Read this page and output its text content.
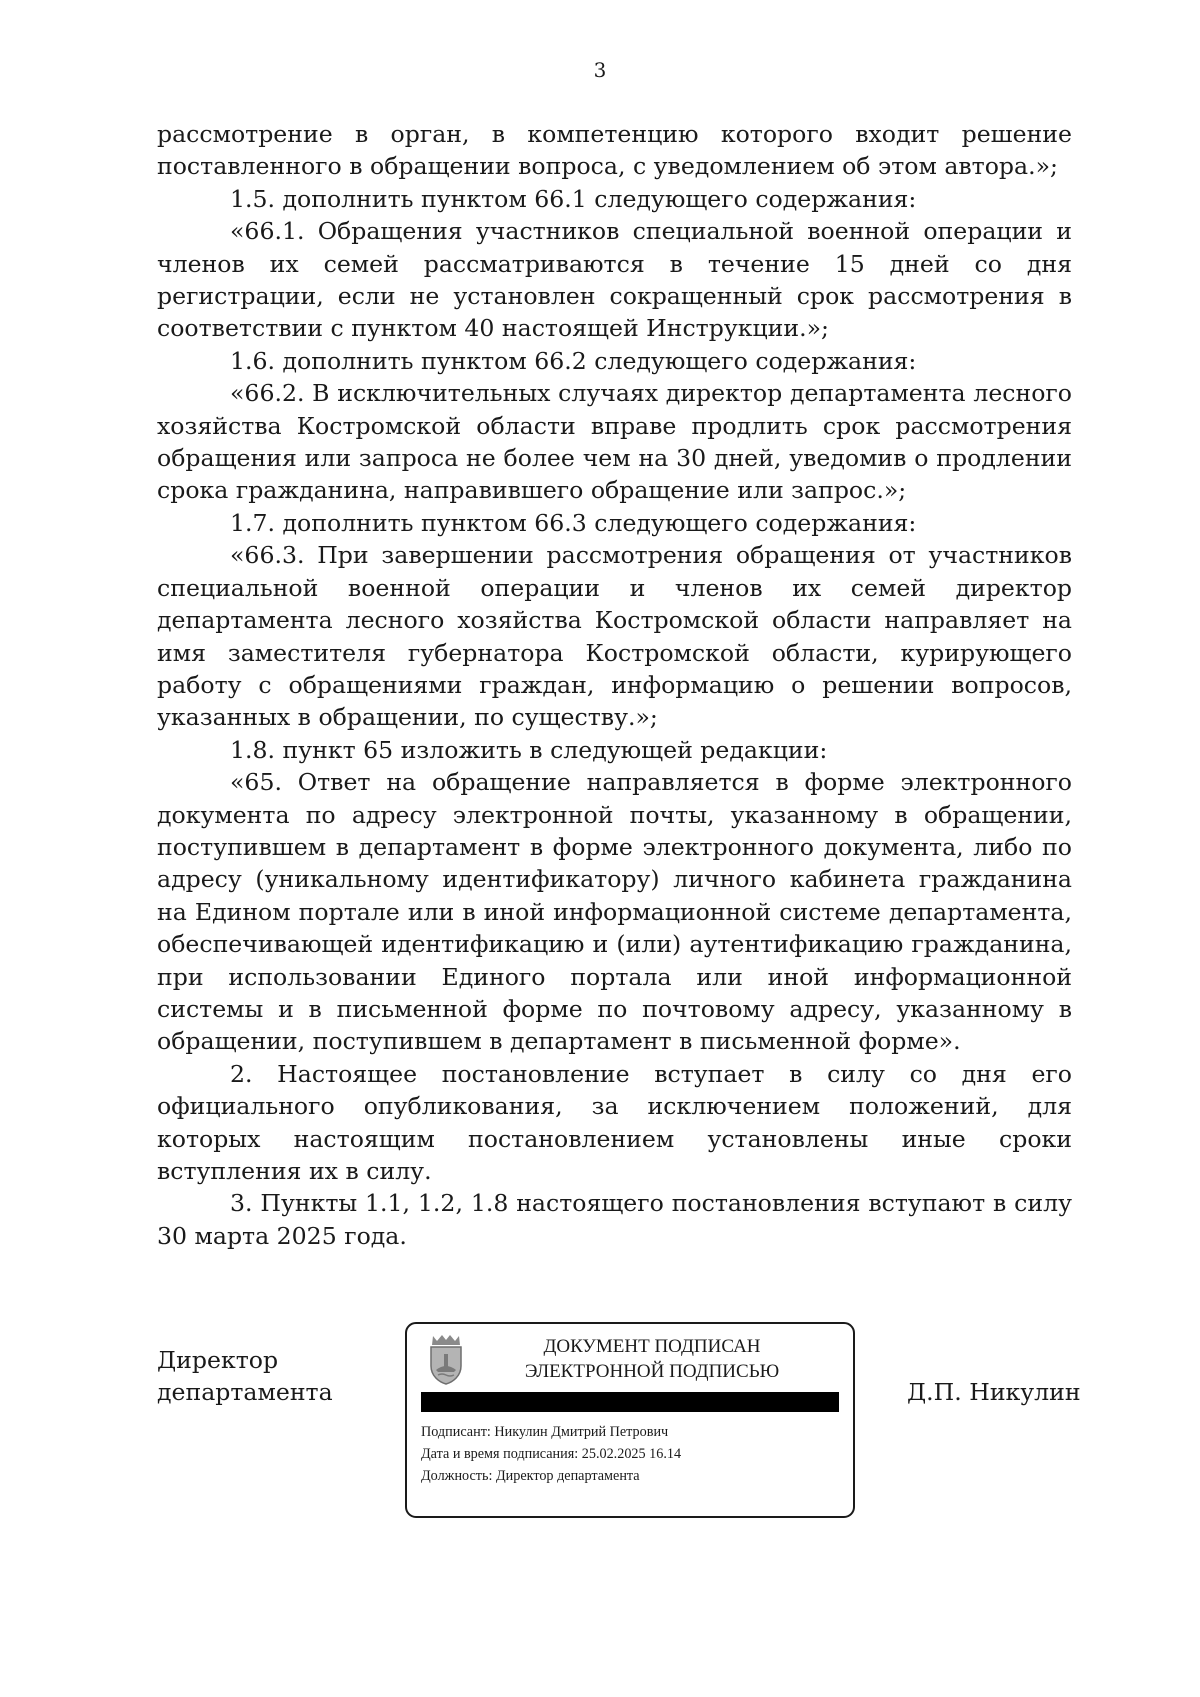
3

рассмотрение в орган, в компетенцию которого входит решение поставленного в обращении вопроса, с уведомлением об этом автора.»;

1.5. дополнить пунктом 66.1 следующего содержания:

«66.1. Обращения участников специальной военной операции и членов их семей рассматриваются в течение 15 дней со дня регистрации, если не установлен сокращенный срок рассмотрения в соответствии с пунктом 40 настоящей Инструкции.»;

1.6. дополнить пунктом 66.2 следующего содержания:

«66.2. В исключительных случаях директор департамента лесного хозяйства Костромской области вправе продлить срок рассмотрения обращения или запроса не более чем на 30 дней, уведомив о продлении срока гражданина, направившего обращение или запрос.»;

1.7. дополнить пунктом 66.3 следующего содержания:

«66.3. При завершении рассмотрения обращения от участников специальной военной операции и членов их семей директор департамента лесного хозяйства Костромской области направляет на имя заместителя губернатора Костромской области, курирующего работу с обращениями граждан, информацию о решении вопросов, указанных в обращении, по существу.»;

1.8. пункт 65 изложить в следующей редакции:

«65. Ответ на обращение направляется в форме электронного документа по адресу электронной почты, указанному в обращении, поступившем в департамент в форме электронного документа, либо по адресу (уникальному идентификатору) личного кабинета гражданина на Едином портале или в иной информационной системе департамента, обеспечивающей идентификацию и (или) аутентификацию гражданина, при использовании Единого портала или иной информационной системы и в письменной форме по почтовому адресу, указанному в обращении, поступившем в департамент в письменной форме».

2. Настоящее постановление вступает в силу со дня его официального опубликования, за исключением положений, для которых настоящим постановлением установлены иные сроки вступления их в силу.

3. Пункты 1.1, 1.2, 1.8 настоящего постановления вступают в силу 30 марта 2025 года.

Директор
департамента
ДОКУМЕНТ ПОДПИСАН
ЭЛЕКТРОННОЙ ПОДПИСЬЮ
Подписант: Никулин Дмитрий Петрович
Дата и время подписания: 25.02.2025 16.14
Должность: Директор департамента
Д.П. Никулин
